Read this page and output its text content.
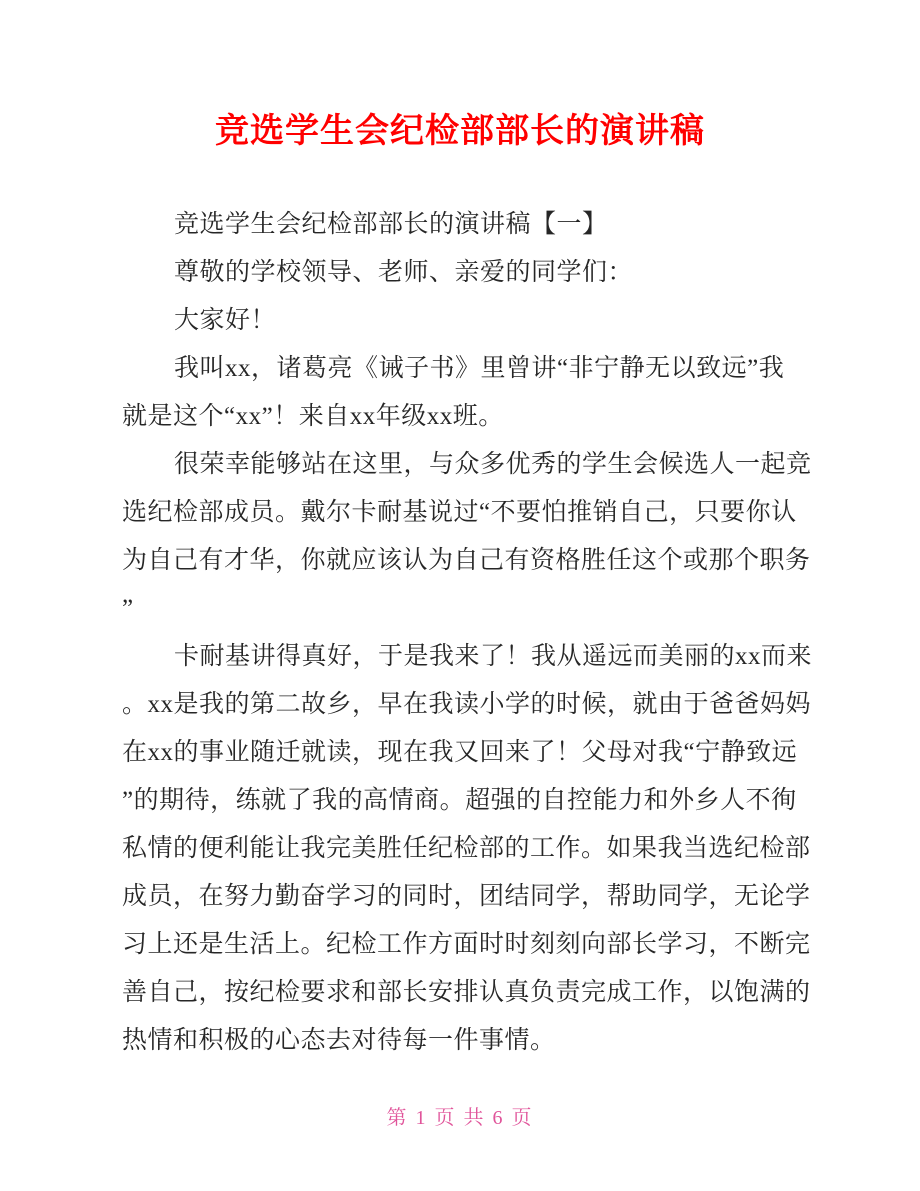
竞选学生会纪检部部长的演讲稿
竞选学生会纪检部部长的演讲稿【一】
尊敬的学校领导、老师、亲爱的同学们：
大家好！
我叫xx，诸葛亮《诫子书》里曾讲“非宁静无以致远”我
就是这个“xx”！来自xx年级xx班。
很荣幸能够站在这里，与众多优秀的学生会候选人一起竞
选纪检部成员。戴尔卡耐基说过“不要怕推销自己，只要你认
为自己有才华，你就应该认为自己有资格胜任这个或那个职务
”
卡耐基讲得真好，于是我来了！我从遥远而美丽的xx而来
。xx是我的第二故乡，早在我读小学的时候，就由于爸爸妈妈
在xx的事业随迁就读，现在我又回来了！父母对我“宁静致远
”的期待，练就了我的高情商。超强的自控能力和外乡人不徇
私情的便利能让我完美胜任纪检部的工作。如果我当选纪检部
成员，在努力勤奋学习的同时，团结同学，帮助同学，无论学
习上还是生活上。纪检工作方面时时刻刻向部长学习，不断完
善自己，按纪检要求和部长安排认真负责完成工作，以饱满的
热情和积极的心态去对待每一件事情。
第 1 页 共 6 页
